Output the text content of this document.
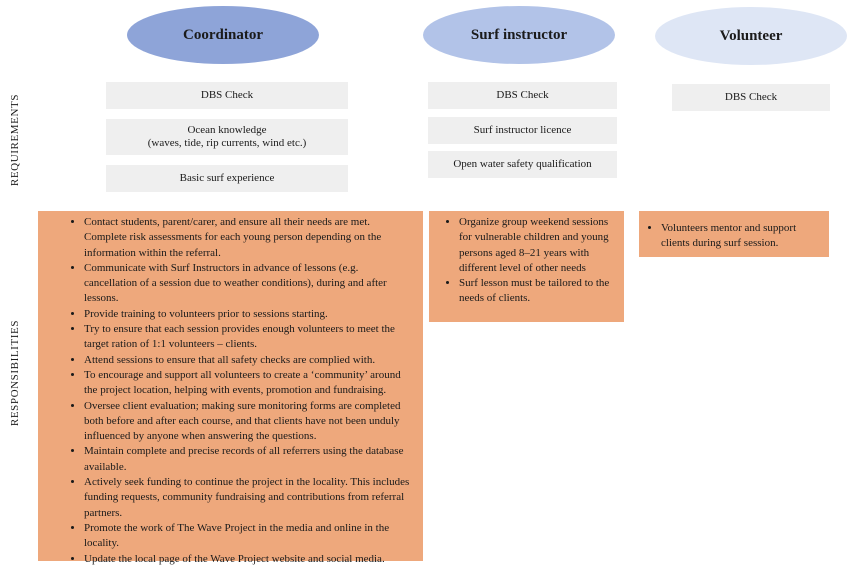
Coordinator	Surf instructor	Volunteer
REQUIREMENTS
RESPONSIBILITIES
DBS Check
Ocean knowledge
(waves, tide, rip currents, wind etc.)
Basic surf experience
DBS Check
Surf instructor licence
Open water safety qualification
DBS Check
• Contact students, parent/carer, and ensure all their needs are met. Complete risk assessments for each young person depending on the information within the referral.
• Communicate with Surf Instructors in advance of lessons (e.g. cancellation of a session due to weather conditions), during and after lessons.
• Provide training to volunteers prior to sessions starting.
• Try to ensure that each session provides enough volunteers to meet the target ration of 1:1 volunteers – clients.
• Attend sessions to ensure that all safety checks are complied with.
• To encourage and support all volunteers to create a ‘community’ around the project location, helping with events, promotion and fundraising.
• Oversee client evaluation; making sure monitoring forms are completed both before and after each course, and that clients have not been unduly influenced by anyone when answering the questions.
• Maintain complete and precise records of all referrers using the database available.
• Actively seek funding to continue the project in the locality. This includes funding requests, community fundraising and contributions from referral partners.
• Promote the work of The Wave Project in the media and online in the locality.
• Update the local page of the Wave Project website and social media.
• Organize group weekend sessions for vulnerable children and young persons aged 8–21 years with different level of other needs
• Surf lesson must be tailored to the needs of clients.
• Volunteers mentor and support clients during surf session.
